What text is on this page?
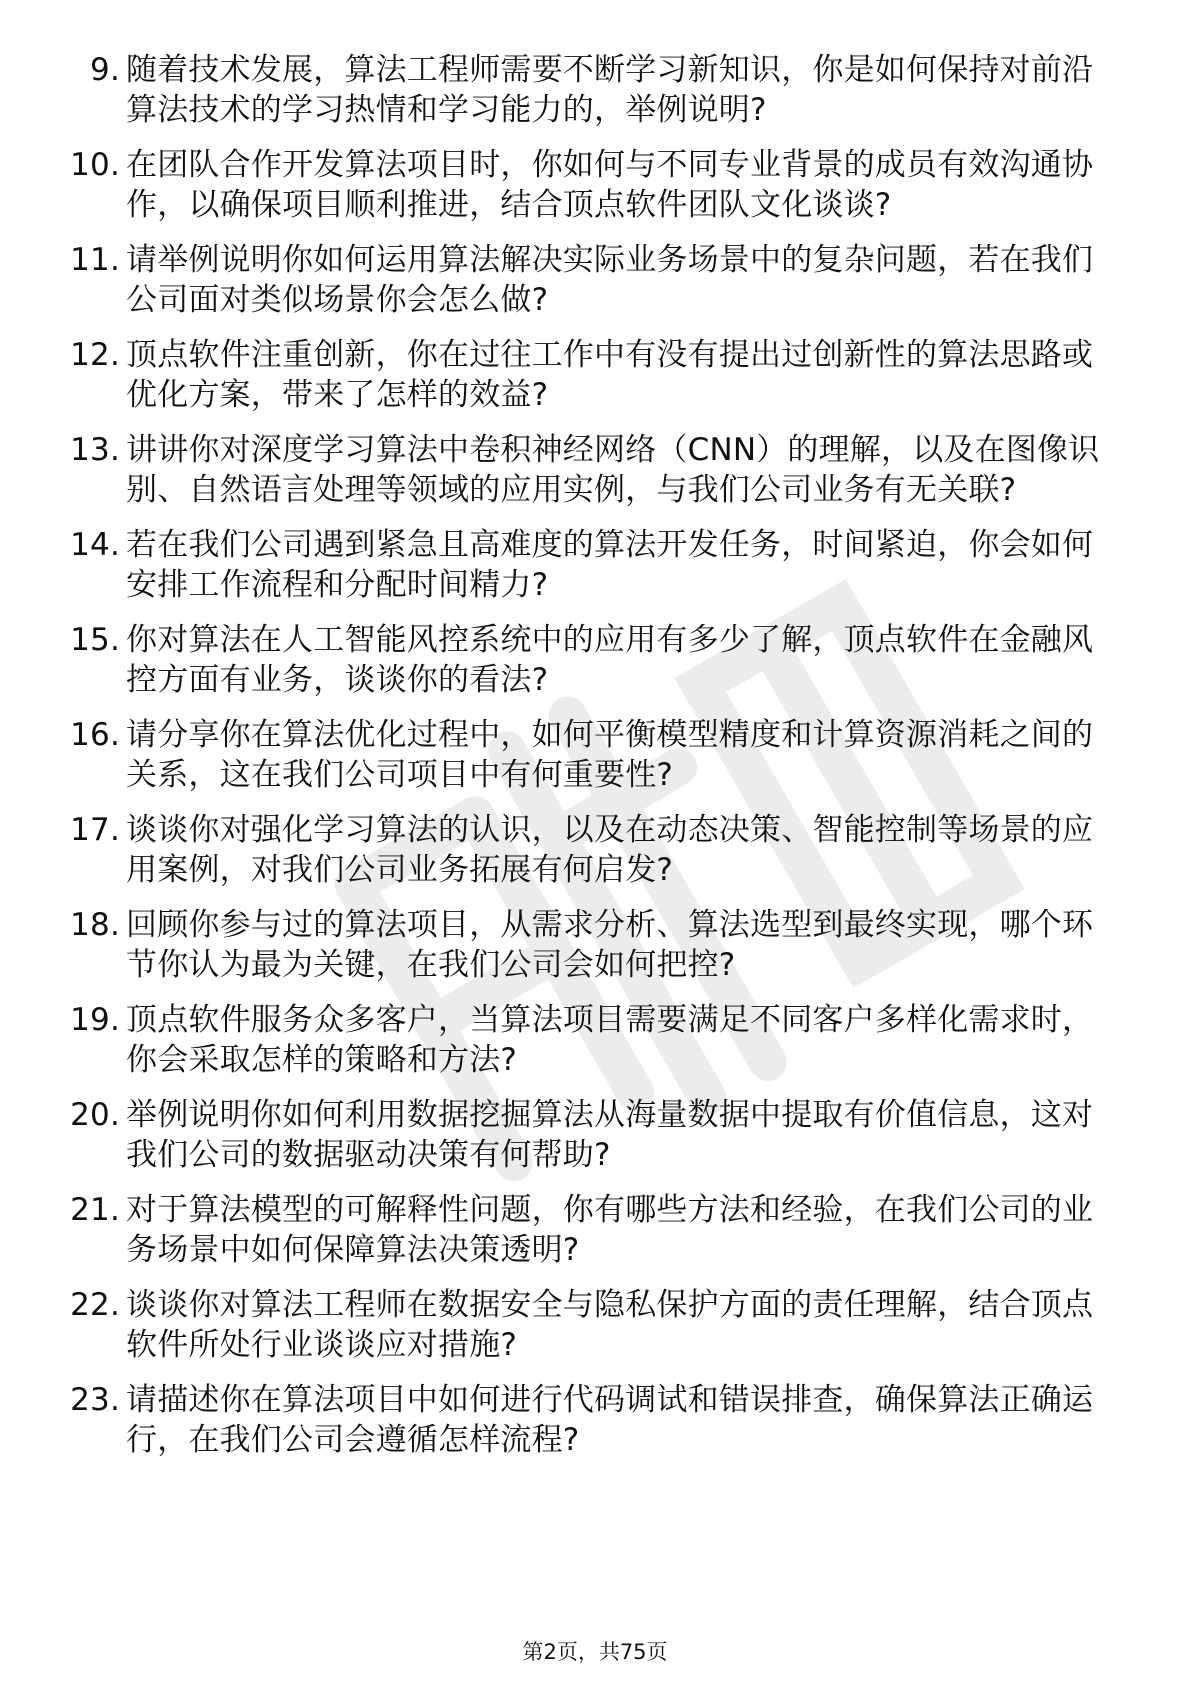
9. 随着技术发展，算法工程师需要不断学习新知识，你是如何保持对前沿算法技术的学习热情和学习能力的，举例说明?
10. 在团队合作开发算法项目时，你如何与不同专业背景的成员有效沟通协作，以确保项目顺利推进，结合顶点软件团队文化谈谈?
11. 请举例说明你如何运用算法解决实际业务场景中的复杂问题，若在我们公司面对类似场景你会怎么做?
12. 顶点软件注重创新，你在过往工作中有没有提出过创新性的算法思路或优化方案，带来了怎样的效益?
13. 讲讲你对深度学习算法中卷积神经网络（CNN）的理解，以及在图像识别、自然语言处理等领域的应用实例，与我们公司业务有无关联?
14. 若在我们公司遇到紧急且高难度的算法开发任务，时间紧迫，你会如何安排工作流程和分配时间精力?
15. 你对算法在人工智能风控系统中的应用有多少了解，顶点软件在金融风控方面有业务，谈谈你的看法?
16. 请分享你在算法优化过程中，如何平衡模型精度和计算资源消耗之间的关系，这在我们公司项目中有何重要性?
17. 谈谈你对强化学习算法的认识，以及在动态决策、智能控制等场景的应用案例，对我们公司业务拓展有何启发?
18. 回顾你参与过的算法项目，从需求分析、算法选型到最终实现，哪个环节你认为最为关键，在我们公司会如何把控?
19. 顶点软件服务众多客户，当算法项目需要满足不同客户多样化需求时，你会采取怎样的策略和方法?
20. 举例说明你如何利用数据挖掘算法从海量数据中提取有价值信息，这对我们公司的数据驱动决策有何帮助?
21. 对于算法模型的可解释性问题，你有哪些方法和经验，在我们公司的业务场景中如何保障算法决策透明?
22. 谈谈你对算法工程师在数据安全与隐私保护方面的责任理解，结合顶点软件所处行业谈谈应对措施?
23. 请描述你在算法项目中如何进行代码调试和错误排查，确保算法正确运行，在我们公司会遵循怎样流程?
第2页，共75页
